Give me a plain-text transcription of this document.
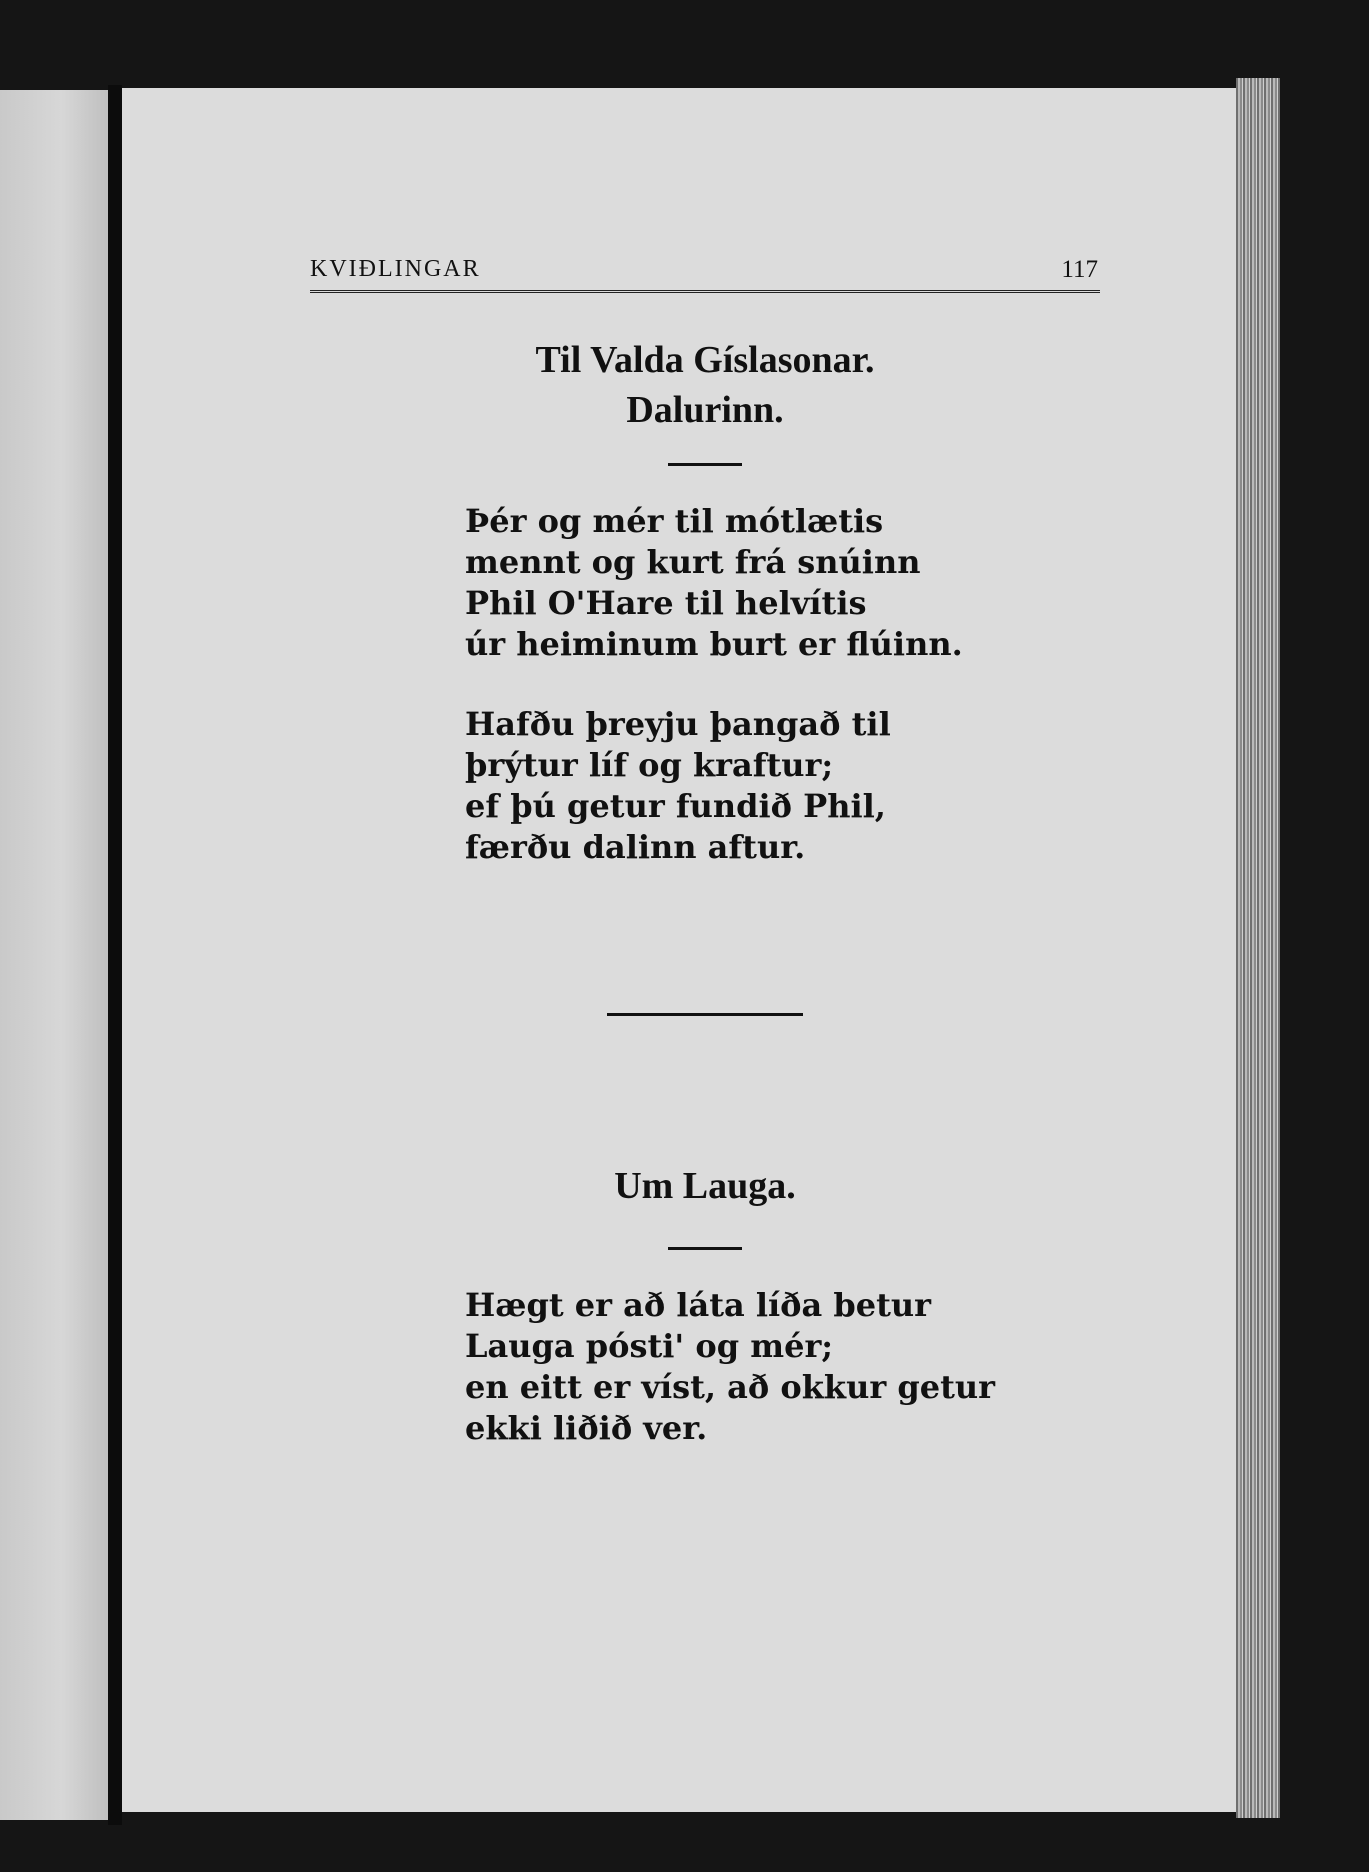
KVIÐLINGAR	117
Til Valda Gíslasonar.
Dalurinn.
Þér og mér til mótlætis
mennt og kurt frá snúinn
Phil O'Hare til helvítis
úr heiminum burt er flúinn.
Hafðu þreyju þangað til
þrýtur líf og kraftur;
ef þú getur fundið Phil,
færðu dalinn aftur.
Um Lauga.
Hægt er að láta líða betur
Lauga pósti' og mér;
en eitt er víst, að okkur getur
ekki liðið ver.
